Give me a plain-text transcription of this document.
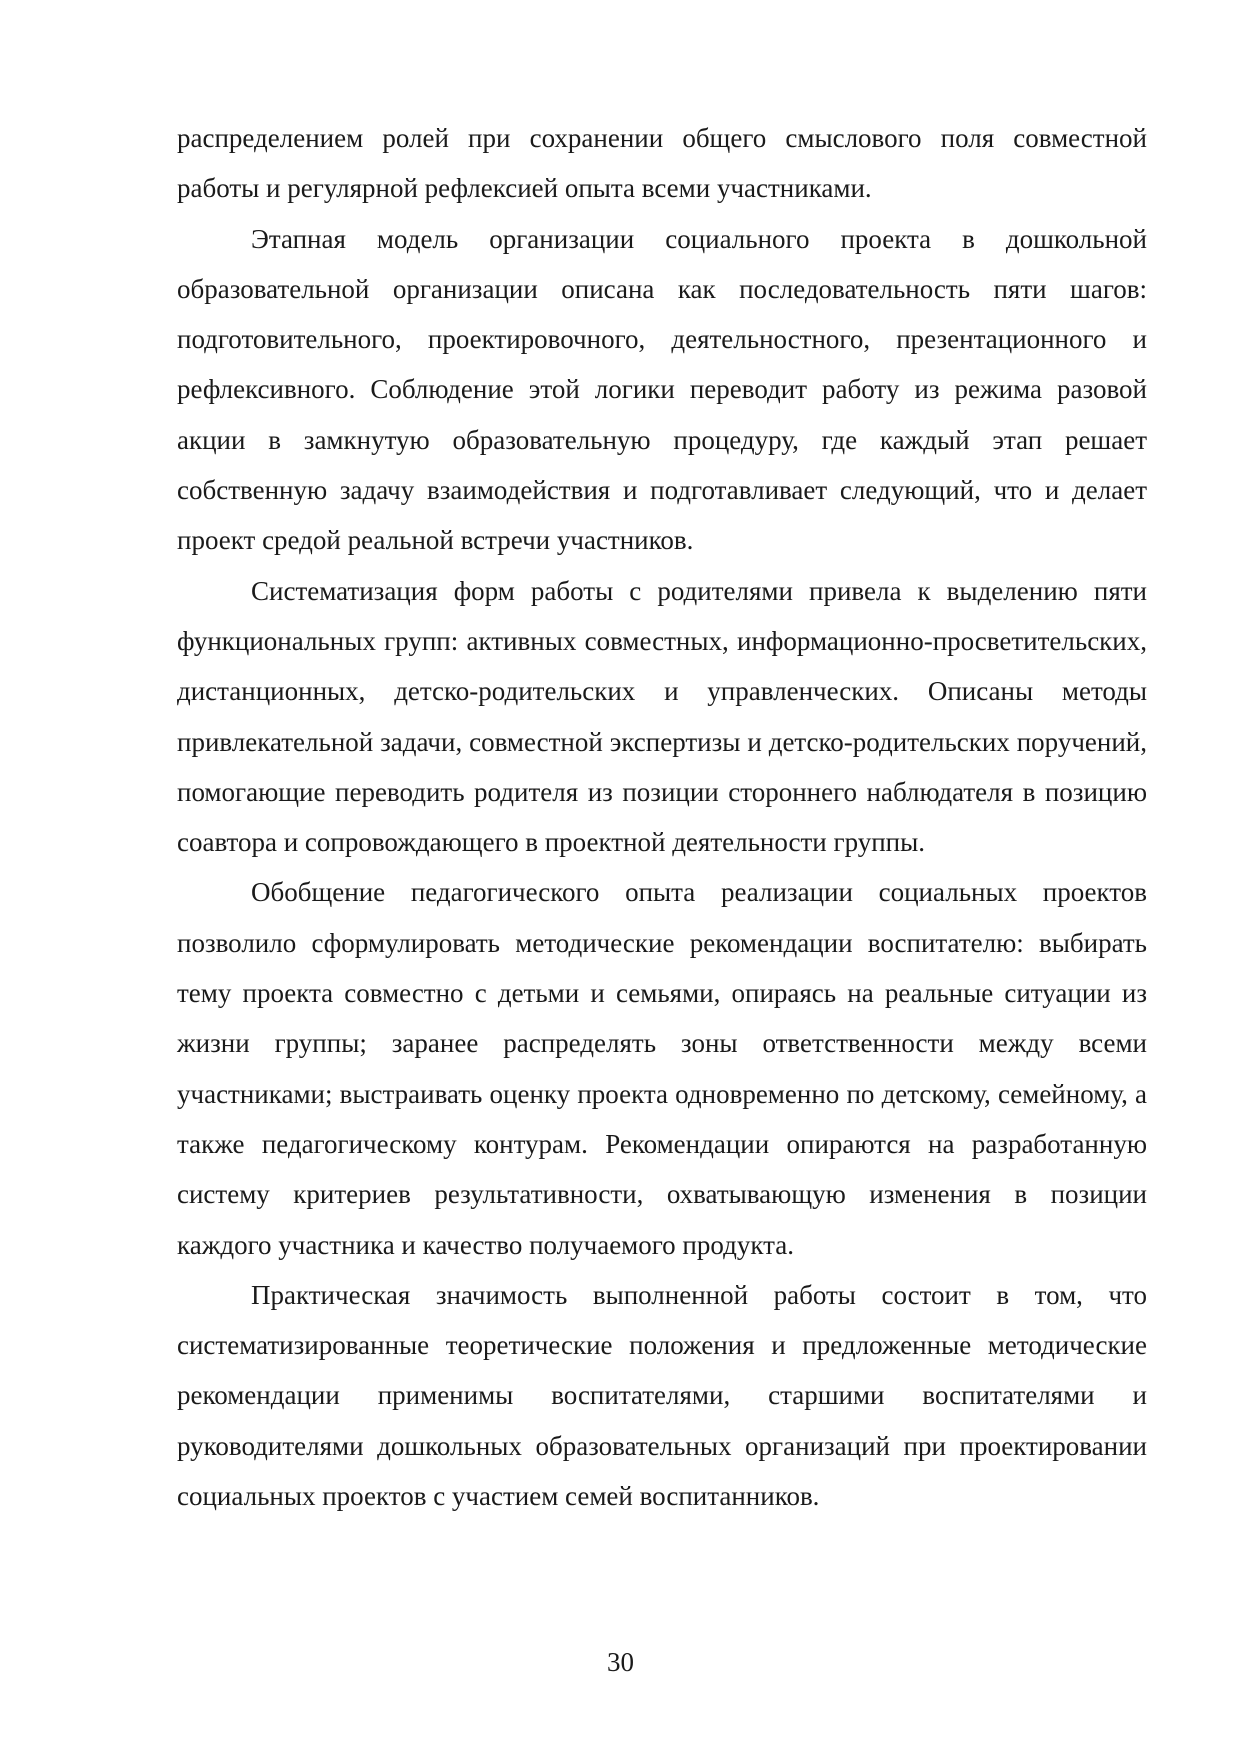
распределением ролей при сохранении общего смыслового поля совместной работы и регулярной рефлексией опыта всеми участниками.

Этапная модель организации социального проекта в дошкольной образовательной организации описана как последовательность пяти шагов: подготовительного, проектировочного, деятельностного, презентационного и рефлексивного. Соблюдение этой логики переводит работу из режима разовой акции в замкнутую образовательную процедуру, где каждый этап решает собственную задачу взаимодействия и подготавливает следующий, что и делает проект средой реальной встречи участников.

Систематизация форм работы с родителями привела к выделению пяти функциональных групп: активных совместных, информационно-просветительских, дистанционных, детско-родительских и управленческих. Описаны методы привлекательной задачи, совместной экспертизы и детско-родительских поручений, помогающие переводить родителя из позиции стороннего наблюдателя в позицию соавтора и сопровождающего в проектной деятельности группы.

Обобщение педагогического опыта реализации социальных проектов позволило сформулировать методические рекомендации воспитателю: выбирать тему проекта совместно с детьми и семьями, опираясь на реальные ситуации из жизни группы; заранее распределять зоны ответственности между всеми участниками; выстраивать оценку проекта одновременно по детскому, семейному, а также педагогическому контурам. Рекомендации опираются на разработанную систему критериев результативности, охватывающую изменения в позиции каждого участника и качество получаемого продукта.

Практическая значимость выполненной работы состоит в том, что систематизированные теоретические положения и предложенные методические рекомендации применимы воспитателями, старшими воспитателями и руководителями дошкольных образовательных организаций при проектировании социальных проектов с участием семей воспитанников.

30
